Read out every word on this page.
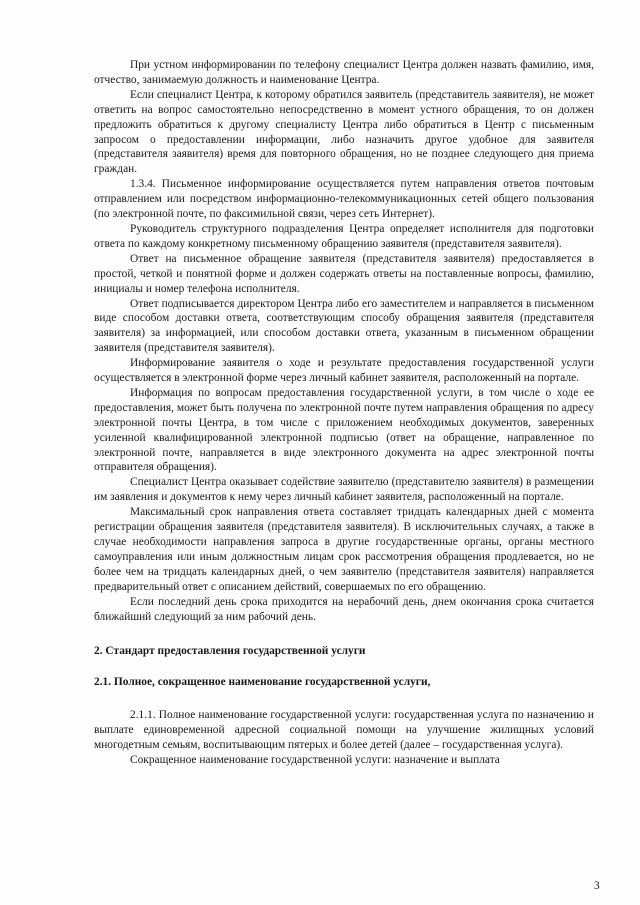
При устном информировании по телефону специалист Центра должен назвать фамилию, имя, отчество, занимаемую должность и наименование Центра.

Если специалист Центра, к которому обратился заявитель (представитель заявителя), не может ответить на вопрос самостоятельно непосредственно в момент устного обращения, то он должен предложить обратиться к другому специалисту Центра либо обратиться в Центр с письменным запросом о предоставлении информации, либо назначить другое удобное для заявителя (представителя заявителя) время для повторного обращения, но не позднее следующего дня приема граждан.

1.3.4. Письменное информирование осуществляется путем направления ответов почтовым отправлением или посредством информационно-телекоммуникационных сетей общего пользования (по электронной почте, по факсимильной связи, через сеть Интернет).

Руководитель структурного подразделения Центра определяет исполнителя для подготовки ответа по каждому конкретному письменному обращению заявителя (представителя заявителя).

Ответ на письменное обращение заявителя (представителя заявителя) предоставляется в простой, четкой и понятной форме и должен содержать ответы на поставленные вопросы, фамилию, инициалы и номер телефона исполнителя.

Ответ подписывается директором Центра либо его заместителем и направляется в письменном виде способом доставки ответа, соответствующим способу обращения заявителя (представителя заявителя) за информацией, или способом доставки ответа, указанным в письменном обращении заявителя (представителя заявителя).

Информирование заявителя о ходе и результате предоставления государственной услуги осуществляется в электронной форме через личный кабинет заявителя, расположенный на портале.

Информация по вопросам предоставления государственной услуги, в том числе о ходе ее предоставления, может быть получена по электронной почте путем направления обращения по адресу электронной почты Центра, в том числе с приложением необходимых документов, заверенных усиленной квалифицированной электронной подписью (ответ на обращение, направленное по электронной почте, направляется в виде электронного документа на адрес электронной почты отправителя обращения).

Специалист Центра оказывает содействие заявителю (представителю заявителя) в размещении им заявления и документов к нему через личный кабинет заявителя, расположенный на портале.

Максимальный срок направления ответа составляет тридцать календарных дней с момента регистрации обращения заявителя (представителя заявителя). В исключительных случаях, а также в случае необходимости направления запроса в другие государственные органы, органы местного самоуправления или иным должностным лицам срок рассмотрения обращения продлевается, но не более чем на тридцать календарных дней, о чем заявителю (представителя заявителя) направляется предварительный ответ с описанием действий, совершаемых по его обращению.

Если последний день срока приходится на нерабочий день, днем окончания срока считается ближайший следующий за ним рабочий день.

2. Стандарт предоставления государственной услуги

2.1. Полное, сокращенное наименование государственной услуги,

2.1.1. Полное наименование государственной услуги: государственная услуга по назначению и выплате единовременной адресной социальной помощи на улучшение жилищных условий многодетным семьям, воспитывающим пятерых и более детей (далее – государственная услуга).

Сокращенное наименование государственной услуги: назначение и выплата

3
